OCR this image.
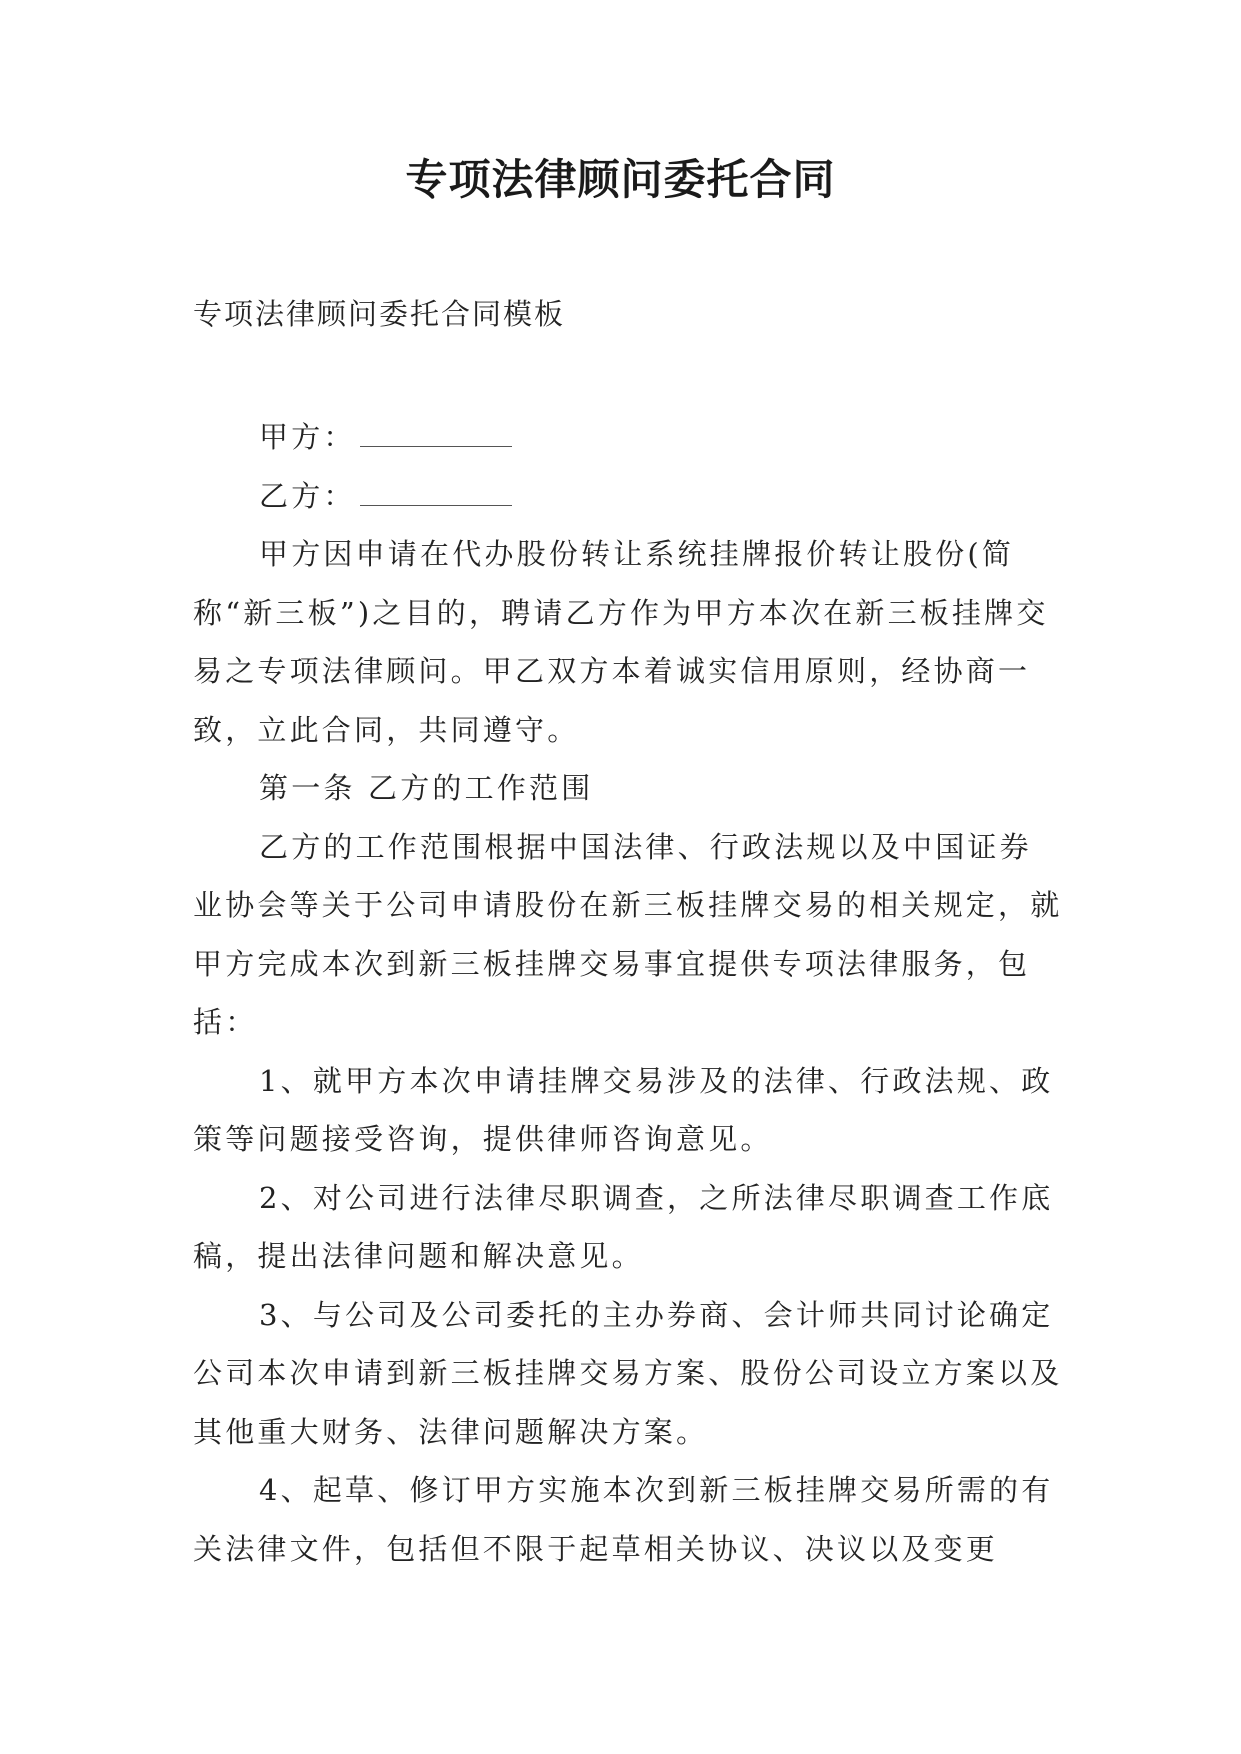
专项法律顾问委托合同
专项法律顾问委托合同模板

甲方：

乙方：

甲方因申请在代办股份转让系统挂牌报价转让股份(简称“新三板”)之目的，聘请乙方作为甲方本次在新三板挂牌交易之专项法律顾问。甲乙双方本着诚实信用原则，经协商一致，立此合同，共同遵守。

第一条 乙方的工作范围

乙方的工作范围根据中国法律、行政法规以及中国证券业协会等关于公司申请股份在新三板挂牌交易的相关规定，就甲方完成本次到新三板挂牌交易事宜提供专项法律服务，包括：

1、就甲方本次申请挂牌交易涉及的法律、行政法规、政策等问题接受咨询，提供律师咨询意见。

2、对公司进行法律尽职调查，之所法律尽职调查工作底稿，提出法律问题和解决意见。

3、与公司及公司委托的主办券商、会计师共同讨论确定公司本次申请到新三板挂牌交易方案、股份公司设立方案以及其他重大财务、法律问题解决方案。

4、起草、修订甲方实施本次到新三板挂牌交易所需的有关法律文件，包括但不限于起草相关协议、决议以及变更
